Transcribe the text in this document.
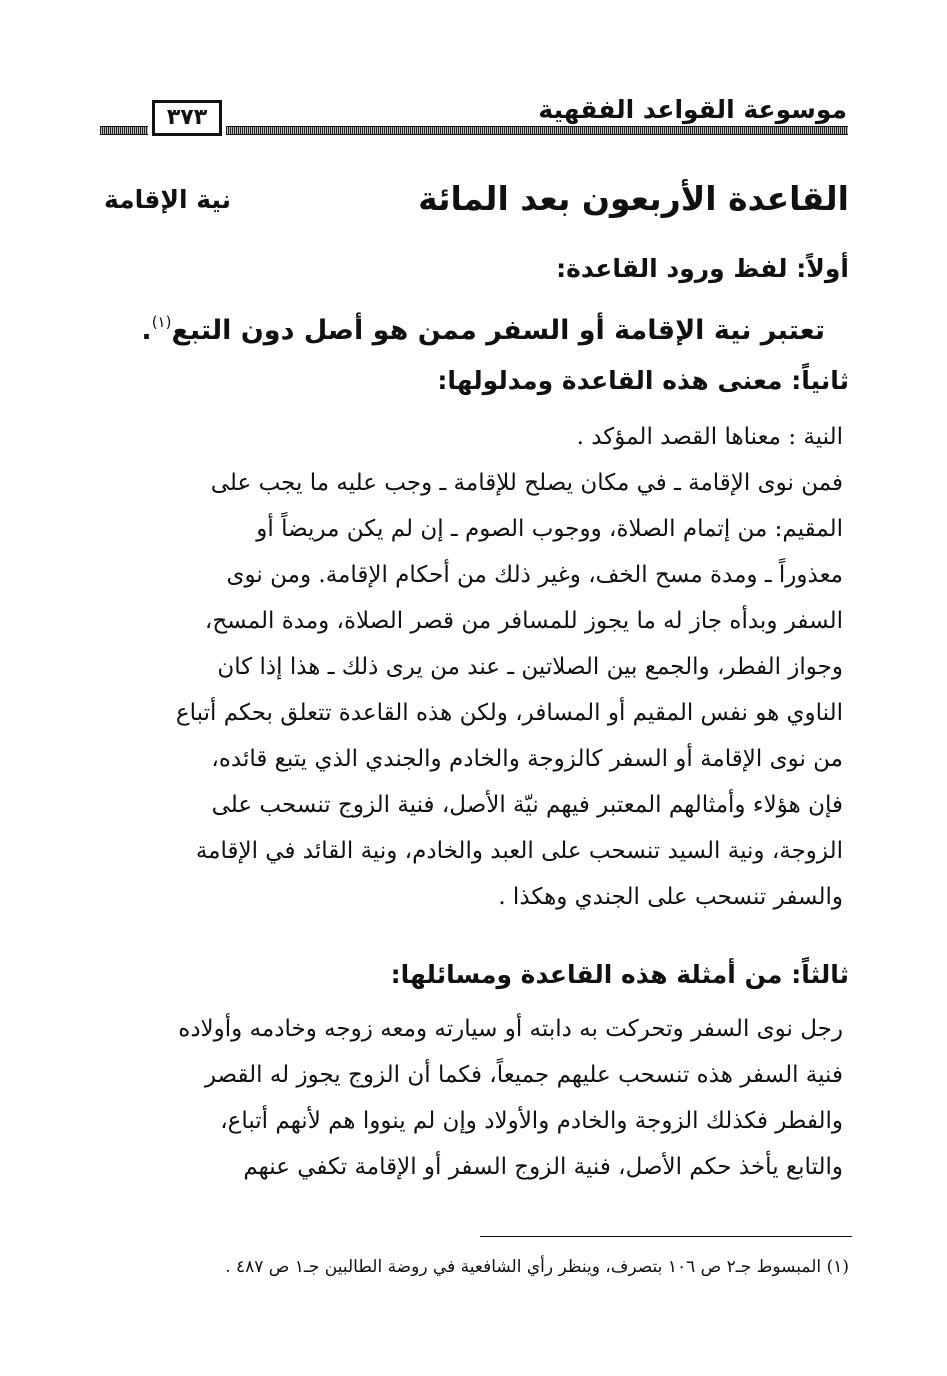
موسوعة القواعد الفقهية
٣٧٣
القاعدة الأربعون بعد المائة
نية الإقامة
أولاً: لفظ ورود القاعدة:
تعتبر نية الإقامة أو السفر ممن هو أصل دون التبع$^{(١)}$.
ثانياً: معنى هذه القاعدة ومدلولها:
النية : معناها القصد المؤكد .
فمن نوى الإقامة ـ في مكان يصلح للإقامة ـ وجب عليه ما يجب على
المقيم: من إتمام الصلاة، ووجوب الصوم ـ إن لم يكن مريضاً أو
معذوراً ـ ومدة مسح الخف، وغير ذلك من أحكام الإقامة. ومن نوى
السفر وبدأه جاز له ما يجوز للمسافر من قصر الصلاة، ومدة المسح،
وجواز الفطر، والجمع بين الصلاتين ـ عند من يرى ذلك ـ هذا إذا كان
الناوي هو نفس المقيم أو المسافر، ولكن هذه القاعدة تتعلق بحكم أتباع
من نوى الإقامة أو السفر كالزوجة والخادم والجندي الذي يتبع قائده،
فإن هؤلاء وأمثالهم المعتبر فيهم نيّة الأصل، فنية الزوج تنسحب على
الزوجة، ونية السيد تنسحب على العبد والخادم، ونية القائد في الإقامة
والسفر تنسحب على الجندي وهكذا .
ثالثاً: من أمثلة هذه القاعدة ومسائلها:
رجل نوى السفر وتحركت به دابته أو سيارته ومعه زوجه وخادمه وأولاده
فنية السفر هذه تنسحب عليهم جميعاً، فكما أن الزوج يجوز له القصر
والفطر فكذلك الزوجة والخادم والأولاد وإن لم ينووا هم لأنهم أتباع،
والتابع يأخذ حكم الأصل، فنية الزوج السفر أو الإقامة تكفي عنهم
(١) المبسوط جـ٢ ص ١٠٦ بتصرف، وينظر رأي الشافعية في روضة الطالبين جـ١ ص ٤٨٧ .
